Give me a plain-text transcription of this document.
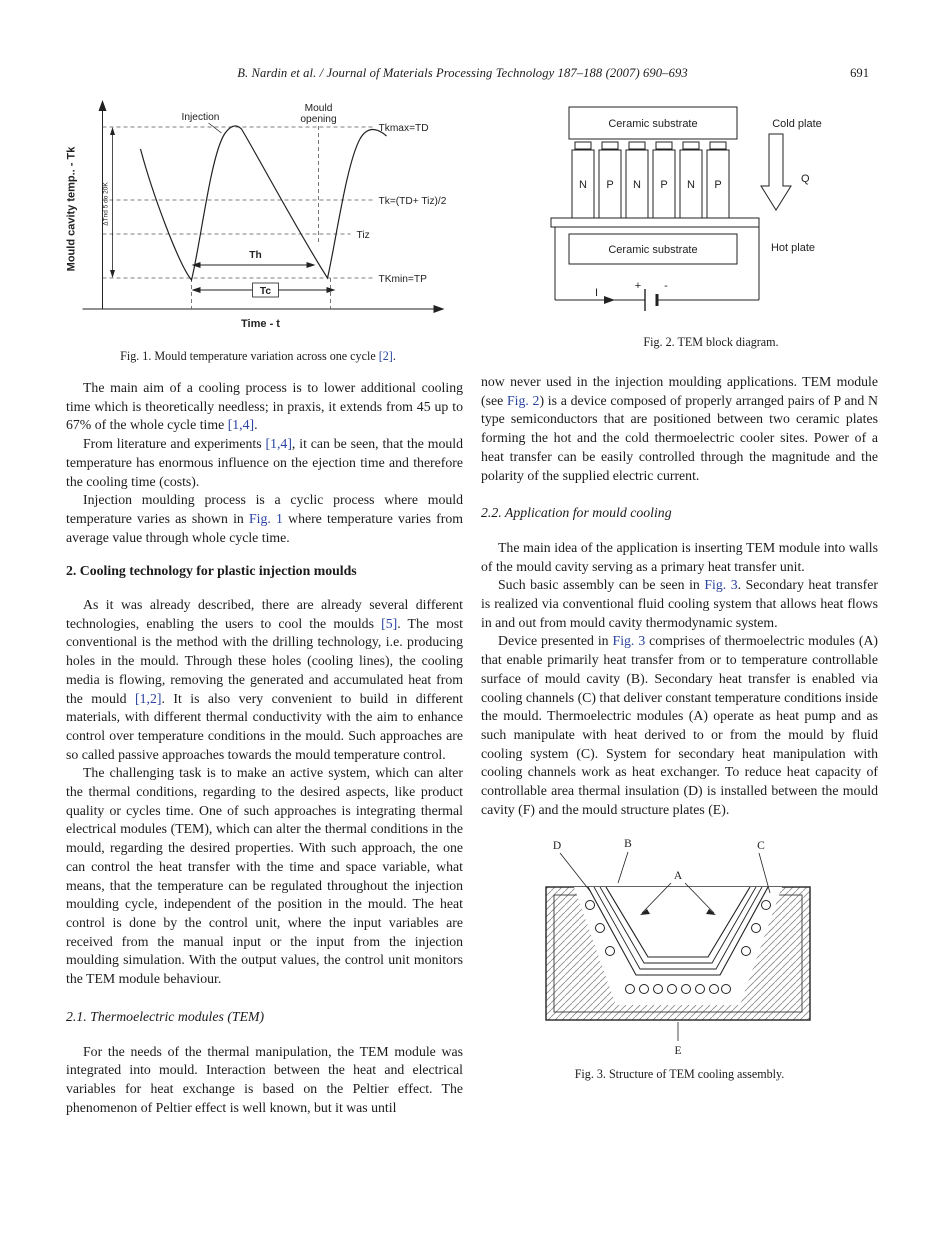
B. Nardin et al. / Journal of Materials Processing Technology 187–188 (2007) 690–693	691
Mould cavity temp.. - Tk
Time - t
ΔTnd 5 do 20K
Th
Tc
Injection
Mould
opening
Tkmax=TD
Tk=(TD+ Tiz)/2
Tiz
TKmin=TP
Fig. 1. Mould temperature variation across one cycle [2].
Ceramic substrate	Cold plate
N P N P N P
Ceramic substrate	Hot plate
Q
+ -
I
Fig. 2. TEM block diagram.

The main aim of a cooling process is to lower additional cooling time which is theoretically needless; in praxis, it extends from 45 up to 67% of the whole cycle time [1,4].

From literature and experiments [1,4], it can be seen, that the mould temperature has enormous influence on the ejection time and therefore the cooling time (costs).

Injection moulding process is a cyclic process where mould temperature varies as shown in Fig. 1 where temperature varies from average value through whole cycle time.

2. Cooling technology for plastic injection moulds

As it was already described, there are already several different technologies, enabling the users to cool the moulds [5]. The most conventional is the method with the drilling technology, i.e. producing holes in the mould. Through these holes (cooling lines), the cooling media is flowing, removing the generated and accumulated heat from the mould [1,2]. It is also very convenient to build in different materials, with different thermal conductivity with the aim to enhance control over temperature conditions in the mould. Such approaches are so called passive approaches towards the mould temperature control.

The challenging task is to make an active system, which can alter the thermal conditions, regarding to the desired aspects, like product quality or cycles time. One of such approaches is integrating thermal electrical modules (TEM), which can alter the thermal conditions in the mould, regarding the desired properties. With such approach, the one can control the heat transfer with the time and space variable, what means, that the temperature can be regulated throughout the injection moulding cycle, independent of the position in the mould. The heat control is done by the control unit, where the input variables are received from the manual input or the input from the injection moulding simulation. With the output values, the control unit monitors the TEM module behaviour.

2.1. Thermoelectric modules (TEM)

For the needs of the thermal manipulation, the TEM module was integrated into mould. Interaction between the heat and electrical variables for heat exchange is based on the Peltier effect. The phenomenon of Peltier effect is well known, but it was until

now never used in the injection moulding applications. TEM module (see Fig. 2) is a device composed of properly arranged pairs of P and N type semiconductors that are positioned between two ceramic plates forming the hot and the cold thermoelectric cooler sites. Power of a heat transfer can be easily controlled through the magnitude and the polarity of the supplied electric current.

2.2. Application for mould cooling

The main idea of the application is inserting TEM module into walls of the mould cavity serving as a primary heat transfer unit.

Such basic assembly can be seen in Fig. 3. Secondary heat transfer is realized via conventional fluid cooling system that allows heat flows in and out from mould cavity thermodynamic system.

Device presented in Fig. 3 comprises of thermoelectric modules (A) that enable primarily heat transfer from or to temperature controllable surface of mould cavity (B). Secondary heat transfer is enabled via cooling channels (C) that deliver constant temperature conditions inside the mould. Thermoelectric modules (A) operate as heat pump and as such manipulate with heat derived to or from the mould by fluid cooling system (C). System for secondary heat manipulation with cooling channels work as heat exchanger. To reduce heat capacity of controllable area thermal insulation (D) is installed between the mould cavity (F) and the mould structure plates (E).

D	B	C
A
E
Fig. 3. Structure of TEM cooling assembly.
